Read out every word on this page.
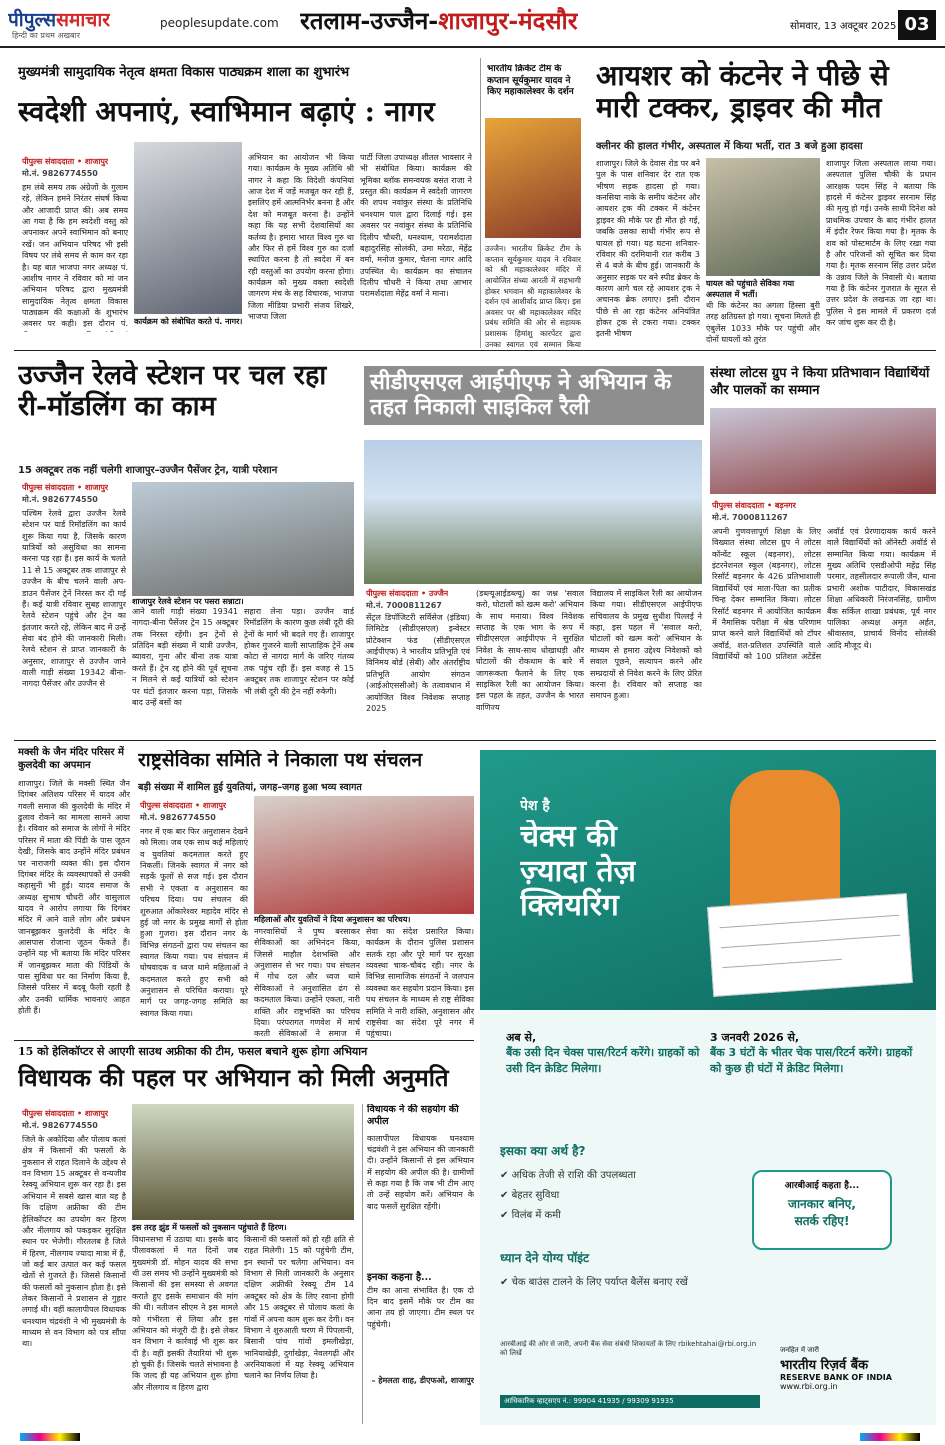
पीपुल्ससमाचार
हिन्दी का प्रथम अखबार
peoplesupdate.com रतलाम-उज्जैन-शाजापुर-मंदसौर	सोमवार, 13 अक्टूबर 2025 03
मुख्यमंत्री सामुदायिक नेतृत्व क्षमता विकास पाठ्यक्रम शाला का शुभारंभ
स्वदेशी अपनाएं, स्वाभिमान बढ़ाएं : नागर
पीपुल्स संवाददाता • शाजापुर
मो.नं. 9826774550
हम लंबे समय तक अंग्रेजों के गुलाम रहे, लेकिन हमने निरंतर संघर्ष किया और आजादी प्राप्त की। अब समय आ गया है कि हम स्वदेशी वस्तु को अपनाकर अपने स्वाभिमान को बनाए रखें। जन अभियान परिषद भी इसी विषय पर लंबे समय से काम कर रहा है। यह बात भाजपा नगर अध्यक्ष पं. आशीष नागर ने रविवार को मां जन अभियान परिषद द्वारा मुख्यमंत्री सामुदायिक नेतृत्व क्षमता विकास पाठ्यक्रम की कक्षाओं के शुभारंभ अवसर पर कही। इस दौरान पं. कार्यक्रम को संबोधित करते पं. नागर।
अभियान का आयोजन भी किया गया। कार्यक्रम के मुख्य अतिथि श्री नागर ने कहा कि विदेशी कंपनियां आज देश में जड़ें मजबूत कर रही हैं, इसलिए हमें आत्मनिर्भर बनना है और देश को मजबूत करना है। उन्होंने कहा कि यह सभी देशवासियों का कर्तव्य है। हमारा भारत विश्व गुरु था और फिर से हमें विश्व गुरु का दर्जा स्थापित करना है तो स्वदेश में बन रही वस्तुओं का उपयोग करना होगा। कार्यक्रम को मुख्य वक्ता स्वदेशी जागरण मंच के सह विचारक, भाजपा जिला मीडिया प्रभारी संजय शिखरे, भाजपा जिला
पार्टी जिला उपाध्यक्ष शीतल भावसार ने भी संबोधित किया। कार्यक्रम की भूमिका ब्लॉक समन्वयक बसंत राजा ने प्रस्तुत की। कार्यक्रम में स्वदेशी जागरण की शपथ नवांकुर संस्था के प्रतिनिधि धनश्याम पाल द्वारा दिलाई गई। इस अवसर पर नवांकुर संस्था के प्रतिनिधि दिलीप चौधरी, धनश्याम, परामर्शदाता बहादुरसिंह सोलंकी, उमा मरेठा, मेहेंद्र वर्मा, मनोज कुमार, चेतना नागर आदि उपस्थित थे। कार्यक्रम का संचालन दिलीप चौधरी ने किया तथा आभार परामर्शदाता मेहेंद्र वर्मा ने माना।
भारतीय क्रिकेट टीम के कप्तान सूर्यकुमार यादव ने किए महाकालेश्वर के दर्शन
उज्जैन। भारतीय क्रिकेट टीम के कप्तान सूर्यकुमार यादव ने रविवार को श्री महाकालेश्वर मंदिर में आयोजित संध्या आरती में सहभागी होकर भगवान श्री महाकालेश्वर के दर्शन एवं आशीर्वाद प्राप्त किए। इस अवसर पर श्री महाकालेश्वर मंदिर प्रबंध समिति की ओर से सहायक प्रशासक हिमांशु कारपेंटर द्वारा उनका स्वागत एवं सम्मान किया
आयशर को कंटनेर ने पीछे से मारी टक्कर, ड्राइवर की मौत
क्लीनर की हालत गंभीर, अस्पताल में किया भर्ती, रात 3 बजे हुआ हादसा
शाजापुर। जिले के देवास रोड पर बने पुल के पास शनिवार देर रात एक भीषण सड़क हादसा हो गया। कनसिया नाके के समीप कंटेनर और आयशर ट्रक की टक्कर में कंटेनर ड्राइवर की मौके पर ही मौत हो गई, जबकि उसका साथी गंभीर रूप से घायल हो गया। यह घटना शनिवार-रविवार की दरमियानी रात करीब 3 से 4 बजे के बीच हुई। जानकारी के अनुसार सड़क पर बने स्पीड ब्रेकर के कारण आगे चल रहे आयशर ट्रक ने अचानक ब्रेक लगाए। इसी दौरान पीछे से आ रहा कंटेनर अनियंत्रित होकर ट्रक से टकरा गया। टक्कर इतनी भीषण
घायल को पहुंचाते सेविका गया अस्पताल में भर्ती।
थी कि कंटेनर का अगला हिस्सा बुरी तरह क्षतिग्रस्त हो गया। सूचना मिलते ही एंबुलेंस 1033 मौके पर पहुंची और दोनों घायलों को तुरंत
शाजापुर जिला अस्पताल लाया गया। अस्पताल पुलिस चौकी के प्रधान आरक्षक पदम सिंह ने बताया कि हादसे में कंटेनर ड्राइवर सरनाम सिंह की मृत्यु हो गई। उनके साथी दिनेश को प्राथमिक उपचार के बाद गंभीर हालत में इंदौर रेफर किया गया है। मृतक के शव को पोस्टमार्टम के लिए रखा गया है और परिजनों को सूचित कर दिया गया है। मृतक सरनाम सिंह उत्तर प्रदेश के उन्नाव जिले के निवासी थे। बताया गया है कि कंटेनर गुजरात के सूरत से उत्तर प्रदेश के लखनऊ जा रहा था। पुलिस ने इस मामले में प्रकरण दर्ज कर जांच शुरू कर दी है।
उज्जैन रेलवे स्टेशन पर चल रहा री-मॉडलिंग का काम
15 अक्टूबर तक नहीं चलेगी शाजापुर–उज्जैन पैसेंजर ट्रेन, यात्री परेशान
पीपुल्स संवाददाता • शाजापुर
मो.नं. 9826774550
पश्चिम रेलवे द्वारा उज्जैन रेलवे स्टेशन पर यार्ड रिमॉडलिंग का कार्य शुरू किया गया है, जिसके कारण यात्रियों को असुविधा का सामना करना पड़ रहा है। इस कार्य के चलते 11 से 15 अक्टूबर तक शाजापुर से उज्जैन के बीच चलने वाली अप-डाउन पैसेंजर ट्रेनें निरस्त कर दी गई हैं। कई यात्री रविवार सुबह शाजापुर रेलवे स्टेशन पहुंचे और ट्रेन का इंतजार करते रहे, लेकिन बाद में उन्हें सेवा बंद होने की जानकारी मिली। रेलवे स्टेशन से प्राप्त जानकारी के अनुसार, शाजापुर से उज्जैन जाने वाली गाड़ी संख्या 19342 बीना-नागदा पैसेंजर और उज्जैन से
शाजापुर रेलवे स्टेशन पर पसरा सन्नाटा।
आने वाली गाड़ी संख्या 19341 नागदा-बीना पैसेंजर ट्रेन 15 अक्टूबर तक निरस्त रहेंगी। इन ट्रेनों से प्रतिदिन बड़ी संख्या में यात्री उज्जैन, ब्यावरा, गुना और बीना तक यात्रा करते हैं। ट्रेन रद्द होने की पूर्व सूचना न मिलने से कई यात्रियों को स्टेशन पर घंटों इंतजार करना पड़ा, जिसके बाद उन्हें बसों का
सहारा लेना पड़ा। उज्जैन वार्ड रिमॉडलिंग के कारण कुछ लंबी दूरी की ट्रेनों के मार्ग भी बदले गए हैं। शाजापुर होकर गुजरने वाली साप्ताहिक ट्रेनें अब कोटा से नागदा मार्ग के जरिए गंतव्य तक पहुंच रही हैं। इस वजह से 15 अक्टूबर तक शाजापुर स्टेशन पर कोई भी लंबी दूरी की ट्रेन नहीं रुकेगी।
सीडीएसएल आईपीएफ ने अभियान के तहत निकाली साइकिल रैली
पीपुल्स संवाददाता • उज्जैन
मो.नं. 7000811267
सेंट्रल डिपॉजिटरी सर्विसेज (इंडिया) लिमिटेड (सीडीएसएल) इन्वेस्टर प्रोटेक्शन फंड (सीडीएसएल आईपीएफ) ने भारतीय प्रतिभूति एवं विनिमय बोर्ड (सेबी) और अंतर्राष्ट्रीय प्रतिभूति आयोग संगठन (आईओएससीओ) के तत्वावधान में आयोजित विश्व निवेशक सप्ताह 2025
(डब्ल्यूआईडब्ल्यू) का जश्न 'सवाल करो, घोटालों को खत्म करो' अभियान के साथ मनाया। विश्व निवेशक सप्ताह के एक भाग के रूप में सीडीएसएल आईपीएफ ने सुरक्षित निवेश के साथ-साथ धोखाधड़ी और घोटालों की रोकथाम के बारे में जागरूकता फैलाने के लिए एक साइकिल रैली का आयोजन किया। इस पहल के तहत, उज्जैन के भारत वाणिज्य
विद्यालय में साइकिल रैली का आयोजन किया गया। सीडीएसएल आईपीएफ सचिवालय के प्रमुख सुधीश पिल्लई ने कहा, इस पहल में 'सवाल करो, घोटालों को खत्म करो' अभियान के माध्यम से हमारा उद्देश्य निवेशकों को सवाल पूछने, सत्यापन करने और सम्प्रदायों से निवेश करने के लिए प्रेरित करना है। रविवार को सप्ताह का समापन हुआ।
संस्था लोटस ग्रुप ने किया प्रतिभावान विद्यार्थियों और पालकों का सम्मान
पीपुल्स संवाददाता • बड़नगर
मो.नं. 7000811267
अपनी गुणवत्तापूर्ण शिक्षा के लिए विख्यात संस्था लोटस ग्रुप ने लोटस कॉन्वेंट स्कूल (बड़नगर), लोटस इंटरनेशनल स्कूल (बड़नगर), लोटस रिसॉर्ट बड़नगर के 426 प्रतिभाशाली विद्यार्थियों एवं माता-पिता का प्रतीक चिन्ह देकर सम्मानित किया। लोटस रिसॉर्ट बड़नगर में आयोजित कार्यक्रम में नैमासिक परीक्षा में श्रेष्ठ परिणाम प्राप्त करने वाले विद्यार्थियों को टॉपर अवॉर्ड, शत-प्रतिशत उपस्थिति वाले विद्यार्थियों को 100 प्रतिशत अटेंडेंस अवॉर्ड एवं प्रेरणादायक कार्य करने वाले विद्यार्थियों को ऑनेस्टी अवॉर्ड से सम्मानित किया गया। कार्यक्रम में मुख्य अतिथि एसडीओपी महेंद्र सिंह परमार, तहसीलदार रूपाली जैन, थाना प्रभारी अशोक पाटीदार, विकासखंड शिक्षा अधिकारी निरंजनसिंह, ग्रामीण बैंक सर्किल शाखा प्रबंधक, पूर्व नगर पालिका अध्यक्ष अमृत अर्हत, श्रीवास्तव, प्राचार्य विनोद सोलंकी आदि मौजूद थे।
मक्सी के जैन मंदिर परिसर में कुलदेवी का अपमान
शाजापुर। जिले के मक्सी स्थित जैन दिगंबर अतिशय परिसर में यादव और गवली समाज की कुलदेवी के मंदिर में ढुलाव रोकने का मामला सामने आया है। रविवार को समाज के लोगों ने मंदिर परिसर में माता की पिंडी के पास जूठन देखी, जिसके बाद उन्होंने मंदिर प्रबंधन पर नाराजगी व्यक्त की। इस दौरान दिगंबर मंदिर के व्यवस्थापकों से उनकी कहासुनी भी हुई। यादव समाज के अध्यक्ष सुभाष चौधरी और वासुलाल यादव ने आरोप लगाया कि दिगंबर मंदिर में आने वाले लोग और प्रबंधन जानबूझकर कुलदेवी के मंदिर के आसपास रोजाना जूठन फेंकते हैं। उन्होंने यह भी बताया कि मंदिर परिसर में जानबूझकर माता की पिंडियों के पास सुविधा घर का निर्माण किया है, जिससे परिसर में बदबू फैली रहती है और उनकी धार्मिक भावनाएं आहत होती हैं।
राष्ट्रसेविका समिति ने निकाला पथ संचलन
बड़ी संख्या में शामिल हुई युवतियां, जगह–जगह हुआ भव्य स्वागत
पीपुल्स संवाददाता • शाजापुर
मो.नं. 9826774550
नगर में एक बार फिर अनुशासन देखने को मिला। जब एक साथ कई महिलाएं व युवतियां कदमताल करते हुए निकलीं। जिनके स्वागत में नगर को सड़कें फूलों से सज गई। इस दौरान सभी ने एकता व अनुशासन का परिचय दिया। पथ संचलन की शुरुआत ओंकारेश्वर महादेव मंदिर से हुई जो नगर के प्रमुख मार्गों से होता हुआ गुजरा। इस दौरान नगर के विभिन्न संगठनों द्वारा पथ संचलन का स्वागत किया गया। पथ संचलन में घोषवादक व ध्वज थामे महिलाओं ने कदमताल करते हुए सभी को अनुशासन से परिचित कराया। पूरे मार्ग पर जगह-जगह समिति का स्वागत किया गया।
महिलाओं और युवतियों ने दिया अनुशासन का परिचय।
नगरवासियों ने पुष्प बरसाकर सेविकाओं का अभिनंदन किया, जिससे माहौल देशभक्ति और अनुशासन से भर गया। पथ संचलन में गोध दल और ध्वज थामे सेविकाओं ने अनुशासित ढंग से कदमताल किया। उन्होंने एकता, नारी शक्ति और राष्ट्रभक्ति का परिचय दिया। परंपरागत गणवेश में मार्च करती सेविकाओं ने समाज में
सेवा का संदेश प्रसारित किया। कार्यक्रम के दौरान पुलिस प्रशासन सतर्क रहा और पूरे मार्ग पर सुरक्षा व्यवस्था चाक-चौबंद रही। नगर के विभिन्न सामाजिक संगठनों ने जलपान व्यवस्था कर सहयोग प्रदान किया। इस पथ संचलन के माध्यम से राष्ट्र सेविका समिति ने नारी शक्ति, अनुशासन और राष्ट्रसेवा का संदेश पूरे नगर में पहुंचाया।
15 को हेलिकॉप्टर से आएगी साउथ अफ्रीका की टीम, फसल बचाने शुरू होगा अभियान
विधायक की पहल पर अभियान को मिली अनुमति
पीपुल्स संवाददाता • शाजापुर
मो.नं. 9826774550
जिले के अकोदिया और पोलाय कलां क्षेत्र में किसानों की फसलों के नुकसान से राहत दिलाने के उद्देश्य से वन विभाग 15 अक्टूबर से वन्यजीव रेस्क्यू अभियान शुरू कर रहा है। इस अभियान में सबसे खास बात यह है कि दक्षिण अफ्रीका की टीम हेलिकॉप्टर का उपयोग कर हिरण और नीलगाय को पकड़कर सुरक्षित स्थान पर भेजेगी। गौरतलब है जिले में हिरण, नीलगाय ज्यादा मात्रा में हैं, जो कई बार उत्पात कर कई फसल खेतों से गुजरते हैं। जिससे किसानों की फसलों को नुकसान होता है। इसे लेकर किसानों ने प्रशासन से गुहार लगाई थी। वहीं कालापीपल विधायक धनश्याम चंद्रवंशी ने भी मुख्यमंत्री के माध्यम से वन विभाग को पत्र सौंपा था।
इस तरह झुंड में फसलों को नुकसान पहुंचाते हैं हिरण।
विधानसभा में उठाया था। इसके बाद पीलावकलां में गत दिनों जब मुख्यमंत्री डॉ. मोहन यादव की सभा थी उस समय भी उन्होंने मुख्यमंत्री को किसानों की इस समस्या से अवगत कराते हुए इसके समाधान की मांग की थी। नतीजन सीएम ने इस मामले को गंभीरता से लिया और इस अभियान को मंजूरी दी है। इसे लेकर वन विभाग ने कार्रवाई भी शुरू कर दी है। वहीं इसकी तैयारियां भी शुरू हो चुकी हैं। जिसके चलते संभावना है कि जल्द ही यह अभियान शुरू होगा और नीलगाय व हिरण द्वारा
किसानों की फसलों को हो रही क्षति से राहत मिलेगी। 15 को पहुंचेगी टीम, इन स्थानों पर चलेगा अभियान। वन विभाग से मिली जानकारी के अनुसार दक्षिण अफ्रीकी रेस्क्यू टीम 14 अक्टूबर को क्षेत्र के लिए रवाना होगी और 15 अक्टूबर से पोलाय कलां के गांवों में अपना काम शुरू कर देगी। वन विभाग ने शुरुआती चरण में पिपलानी, बिसानी पांच गांवों इमलीखेड़ा, भानियाखेड़ी, दुर्गाखेड़ा, नेवलगढ़ी और अरनियाकलां में यह रेस्क्यू अभियान चलाने का निर्णय लिया है।
विधायक ने की सहयोग की अपील
कालापीपल विधायक घनश्याम चंद्रवंशी ने इस अभियान की जानकारी दी। उन्होंने किसानों से इस अभियान में सहयोग की अपील की है। ग्रामीणों से कहा गया है कि जब भी टीम आए तो उन्हें सहयोग करें। अभियान के बाद फसलें सुरक्षित रहेंगी।
इनका कहना है...
टीम का आना संभावित है। एक दो दिन बाद इसमें मौके पर टीम का आना तय हो जाएगा। टीम स्थल पर पहुंचेगी।
– हेमलता शाह, डीएफओ, शाजापुर
पेश है
चेक्स की
ज़्यादा तेज़
क्लियरिंग
अब से,
बैंक उसी दिन चेक्स पास/रिटर्न करेंगे। ग्राहकों को उसी दिन क्रेडिट मिलेगा।
3 जनवरी 2026 से,
बैंक 3 घंटों के भीतर चेक पास/रिटर्न करेंगे। ग्राहकों को कुछ ही घंटों में क्रेडिट मिलेगा।
इसका क्या अर्थ है?
✔ अधिक तेजी से राशि की उपलब्धता
✔ बेहतर सुविधा
✔ विलंब में कमी
ध्यान देने योग्य पॉइंट
✔ चेक बाउंस टालने के लिए पर्याप्त बैलेंस बनाए रखें
आरबीआई कहता है...
जानकार बनिए,
सतर्क रहिए!
आरबीआई की ओर से जारी, अपनी बैंक सेवा संबंधी शिकायतों के लिए rbikehtahai@rbi.org.in को लिखें
आधिकारिक व्हाट्सएप नं.: 99904 41935 / 99309 91935
जनहित में जारी
भारतीय रिज़र्व बैंक
RESERVE BANK OF INDIA
www.rbi.org.in
